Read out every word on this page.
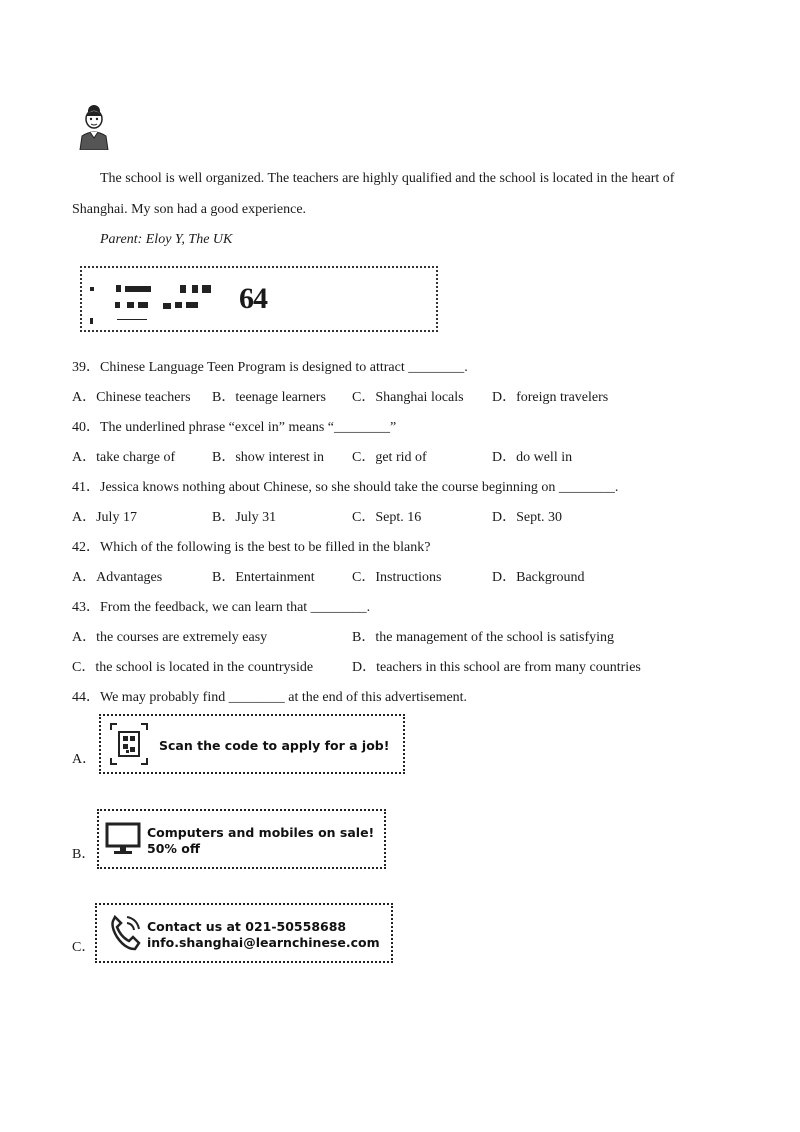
The school is well organized. The teachers are highly qualified and the school is located in the heart of
Shanghai. My son had a good experience.
Parent: Eloy Y, The UK
64
39．Chinese Language Teen Program is designed to attract ________.
A．Chinese teachers B．teenage learners C．Shanghai locals D．foreign travelers
40．The underlined phrase “excel in” means “________”
A．take charge of	B．show interest in C．get rid of	D．do well in
41．Jessica knows nothing about Chinese, so she should take the course beginning on ________.
A．July 17	B．July 31	C．Sept. 16	D．Sept. 30
42．Which of the following is the best to be filled in the blank?
A．Advantages	B．Entertainment	C．Instructions	D．Background
43．From the feedback, we can learn that ________.
A．the courses are extremely easy	B．the management of the school is satisfying
C．the school is located in the countryside	D．teachers in this school are from many countries
44．We may probably find ________ at the end of this advertisement.
A．
Scan the code to apply for a job!
B．
Computers and mobiles on sale!
50% off
C．
Contact us at 021-50558688
info.shanghai@learnchinese.com
